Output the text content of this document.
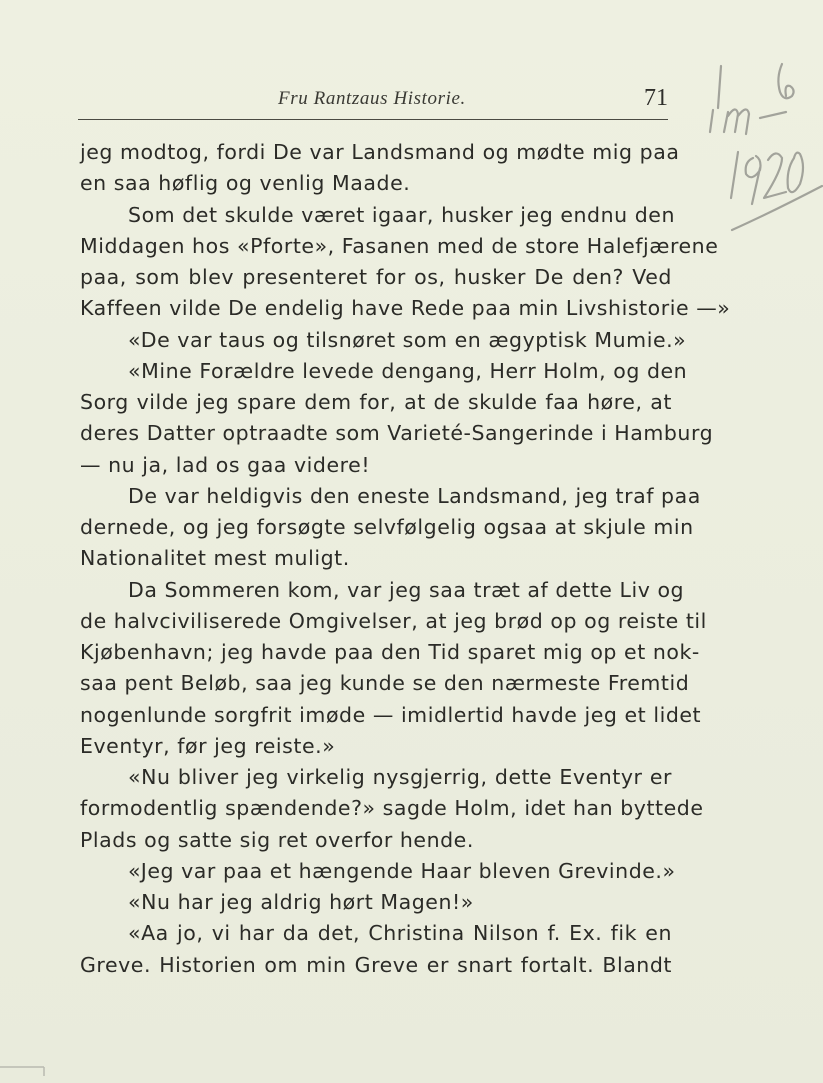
Fru Rantzaus Historie.	71
jeg modtog, fordi De var Landsmand og mødte mig paa
en saa høflig og venlig Maade.
Som det skulde været igaar, husker jeg endnu den
Middagen hos «Pforte», Fasanen med de store Halefjærene
paa, som blev presenteret for os, husker De den? Ved
Kaffeen vilde De endelig have Rede paa min Livshistorie —»
«De var taus og tilsnøret som en ægyptisk Mumie.»
«Mine Forældre levede dengang, Herr Holm, og den
Sorg vilde jeg spare dem for, at de skulde faa høre, at
deres Datter optraadte som Varieté-Sangerinde i Hamburg
— nu ja, lad os gaa videre!
De var heldigvis den eneste Landsmand, jeg traf paa
dernede, og jeg forsøgte selvfølgelig ogsaa at skjule min
Nationalitet mest muligt.
Da Sommeren kom, var jeg saa træt af dette Liv og
de halvciviliserede Omgivelser, at jeg brød op og reiste til
Kjøbenhavn; jeg havde paa den Tid sparet mig op et nok-
saa pent Beløb, saa jeg kunde se den nærmeste Fremtid
nogenlunde sorgfrit imøde — imidlertid havde jeg et lidet
Eventyr, før jeg reiste.»
«Nu bliver jeg virkelig nysgjerrig, dette Eventyr er
formodentlig spændende?» sagde Holm, idet han byttede
Plads og satte sig ret overfor hende.
«Jeg var paa et hængende Haar bleven Grevinde.»
«Nu har jeg aldrig hørt Magen!»
«Aa jo, vi har da det, Christina Nilson f. Ex. fik en
Greve. Historien om min Greve er snart fortalt. Blandt
